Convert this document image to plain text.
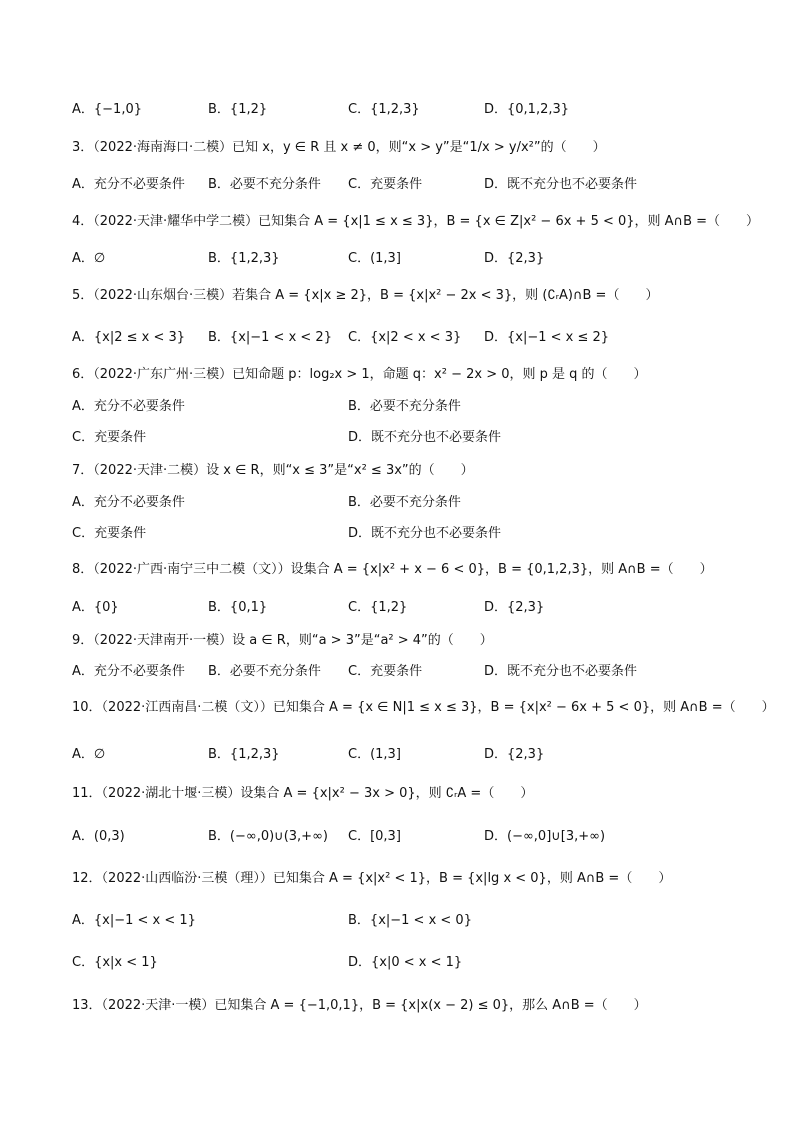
A．{−1,0}	B．{1,2}	C．{1,2,3}	D．{0,1,2,3}
3．（2022·海南海口·二模）已知 x，y ∈ R 且 x ≠ 0，则“x > y”是“1/x > y/x²”的（　　）
A．充分不必要条件 B．必要不充分条件 C．充要条件	D．既不充分也不必要条件
4．（2022·天津·耀华中学二模）已知集合 A = {x|1 ≤ x ≤ 3}，B = {x ∈ Z|x² − 6x + 5 < 0}，则 A∩B =（　　）
A．∅	B．{1,2,3}	C．(1,3]	D．{2,3}
5．（2022·山东烟台·三模）若集合 A = {x|x ≥ 2}，B = {x|x² − 2x < 3}，则 (∁ᵣA)∩B =（　　）
A．{x|2 ≤ x < 3} B．{x|−1 < x < 2} C．{x|2 < x < 3} D．{x|−1 < x ≤ 2}
6．（2022·广东广州·三模）已知命题 p：log₂x > 1，命题 q：x² − 2x > 0，则 p 是 q 的（　　）
A．充分不必要条件	B．必要不充分条件
C．充要条件	D．既不充分也不必要条件
7．（2022·天津·二模）设 x ∈ R，则“x ≤ 3”是“x² ≤ 3x”的（　　）
A．充分不必要条件	B．必要不充分条件
C．充要条件	D．既不充分也不必要条件
8．（2022·广西·南宁三中二模（文））设集合 A = {x|x² + x − 6 < 0}，B = {0,1,2,3}，则 A∩B =（　　）
A．{0}	B．{0,1}	C．{1,2}	D．{2,3}
9．（2022·天津南开·一模）设 a ∈ R，则“a > 3”是“a² > 4”的（　　）
A．充分不必要条件 B．必要不充分条件 C．充要条件	D．既不充分也不必要条件
10．（2022·江西南昌·二模（文））已知集合 A = {x ∈ N|1 ≤ x ≤ 3}，B = {x|x² − 6x + 5 < 0}，则 A∩B =（　　）
A．∅	B．{1,2,3}	C．(1,3]	D．{2,3}
11．（2022·湖北十堰·三模）设集合 A = {x|x² − 3x > 0}，则 ∁ᵣA =（　　）
A．(0,3)	B．(−∞,0)∪(3,+∞) C．[0,3]	D．(−∞,0]∪[3,+∞)
12．（2022·山西临汾·三模（理））已知集合 A = {x|x² < 1}，B = {x|lg x < 0}，则 A∩B =（　　）
A．{x|−1 < x < 1}	B．{x|−1 < x < 0}
C．{x|x < 1}	D．{x|0 < x < 1}
13．（2022·天津·一模）已知集合 A = {−1,0,1}，B = {x|x(x − 2) ≤ 0}，那么 A∩B =（　　）
